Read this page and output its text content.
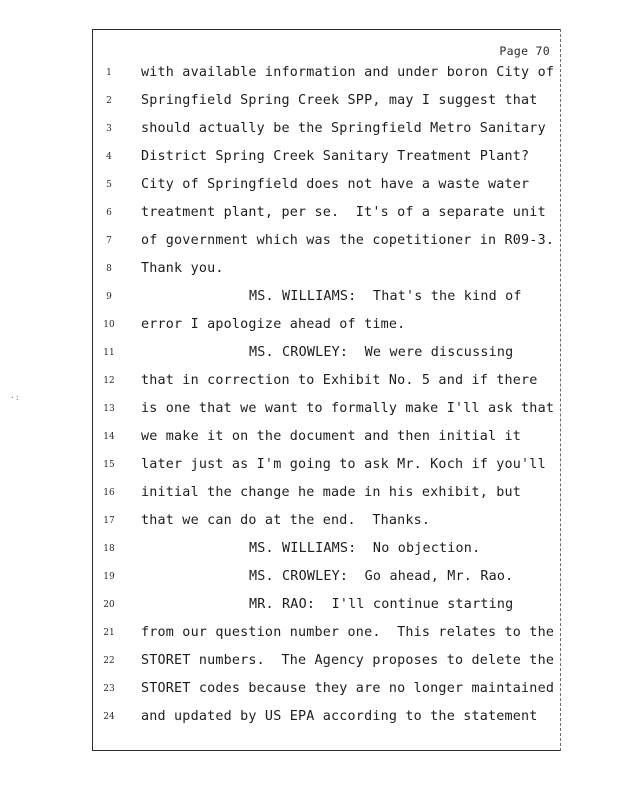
Page 70
·:
1	with available information and under boron City of
2	Springfield Spring Creek SPP, may I suggest that
3	should actually be the Springfield Metro Sanitary
4	District Spring Creek Sanitary Treatment Plant?
5	City of Springfield does not have a waste water
6	treatment plant, per se.  It's of a separate unit
7	of government which was the copetitioner in R09-3.
8	Thank you.
9	MS. WILLIAMS:  That's the kind of
10 error I apologize ahead of time.
11	MS. CROWLEY:  We were discussing
12 that in correction to Exhibit No. 5 and if there
13 is one that we want to formally make I'll ask that
14 we make it on the document and then initial it
15 later just as I'm going to ask Mr. Koch if you'll
16 initial the change he made in his exhibit, but
17 that we can do at the end.  Thanks.
18	MS. WILLIAMS:  No objection.
19	MS. CROWLEY:  Go ahead, Mr. Rao.
20	MR. RAO:  I'll continue starting
21 from our question number one.  This relates to the
22 STORET numbers.  The Agency proposes to delete the
23 STORET codes because they are no longer maintained
24 and updated by US EPA according to the statement
